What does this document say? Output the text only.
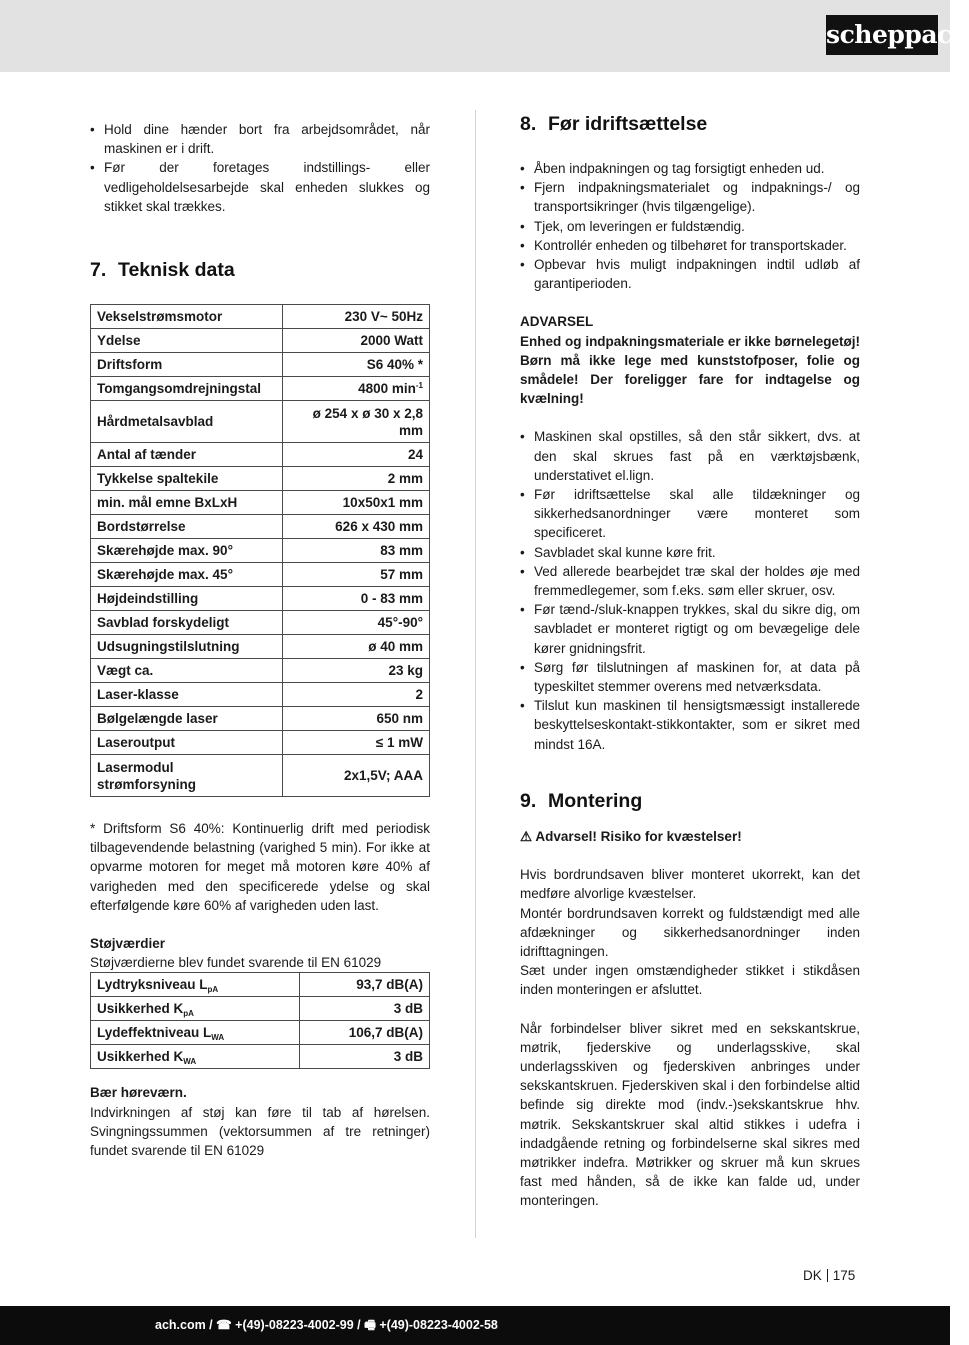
scheppach
• Hold dine hænder bort fra arbejdsområdet, når maskinen er i drift.
• Før der foretages indstillings- eller vedligeholdelsesarbejde skal enheden slukkes og stikket skal trækkes.
7. Teknisk data
Vekselstrømsmotor	230 V~ 50Hz
Ydelse	2000 Watt
Driftsform	S6 40% *
Tomgangsomdrejningstal	4800 $\min^{-1}$
Hårdmetalsavblad	ø 254 x ø 30 x 2,8 mm
Antal af tænder	24
Tykkelse spaltekile	2 mm
min. mål emne BxLxH	10x50x1 mm
Bordstørrelse	626 x 430 mm
Skærehøjde max. 90°	83 mm
Skærehøjde max. 45°	57 mm
Højdeindstilling	0 - 83 mm
Savblad forskydeligt	45°-90°
Udsugningstilslutning	ø 40 mm
Vægt ca.	23 kg
Laser-klasse	2
Bølgelængde laser	650 nm
Laseroutput	≤ 1 mW
Lasermodul strømforsyning	2x1,5V; AAA
* Driftsform S6 40%: Kontinuerlig drift med periodisk tilbagevendende belastning (varighed 5 min). For ikke at opvarme motoren for meget må motoren køre 40% af varigheden med den specificerede ydelse og skal efterfølgende køre 60% af varigheden uden last.
Støjværdier
Støjværdierne blev fundet svarende til EN 61029
Lydtryksniveau $L_{pA}$	93,7 dB(A)
Usikkerhed $K_{pA}$	3 dB
Lydeffektniveau $L_{WA}$	106,7 dB(A)
Usikkerhed $K_{WA}$	3 dB
Bær høreværn.
Indvirkningen af støj kan føre til tab af hørelsen. Svingningssummen (vektorsummen af tre retninger) fundet svarende til EN 61029
8. Før idriftsættelse
• Åben indpakningen og tag forsigtigt enheden ud.
• Fjern indpakningsmaterialet og indpaknings-/ og transportsikringer (hvis tilgængelige).
• Tjek, om leveringen er fuldstændig.
• Kontrollér enheden og tilbehøret for transportskader.
• Opbevar hvis muligt indpakningen indtil udløb af garantiperioden.
ADVARSEL
Enhed og indpakningsmateriale er ikke børnelegetøj! Børn må ikke lege med kunststofposer, folie og smådele! Der foreligger fare for indtagelse og kvælning!
• Maskinen skal opstilles, så den står sikkert, dvs. at den skal skrues fast på en værktøjsbænk, understativet el.lign.
• Før idriftsættelse skal alle tildækninger og sikkerhedsanordninger være monteret som specificeret.
• Savbladet skal kunne køre frit.
• Ved allerede bearbejdet træ skal der holdes øje med fremmedlegemer, som f.eks. søm eller skruer, osv.
• Før tænd-/sluk-knappen trykkes, skal du sikre dig, om savbladet er monteret rigtigt og om bevægelige dele kører gnidningsfrit.
• Sørg før tilslutningen af maskinen for, at data på typeskiltet stemmer overens med netværksdata.
• Tilslut kun maskinen til hensigtsmæssigt installerede beskyttelseskontakt-stikkontakter, som er sikret med mindst 16A.
9. Montering
⚠ Advarsel! Risiko for kvæstelser!
Hvis bordrundsaven bliver monteret ukorrekt, kan det medføre alvorlige kvæstelser.
Montér bordrundsaven korrekt og fuldstændigt med alle afdækninger og sikkerhedsanordninger inden idrifttagningen.
Sæt under ingen omstændigheder stikket i stikdåsen inden monteringen er afsluttet.
Når forbindelser bliver sikret med en sekskantskrue, møtrik, fjederskive og underlagsskive, skal underlagsskiven og fjederskiven anbringes under sekskantskruen. Fjederskiven skal i den forbindelse altid befinde sig direkte mod (indv.-)sekskantskrue hhv. møtrik. Sekskantskruer skal altid stikkes i udefra i indadgående retning og forbindelserne skal sikres med møtrikker indefra. Møtrikker og skruer må kun skrues fast med hånden, så de ikke kan falde ud, under monteringen.
DK 175
ach.com / ☎ +(49)-08223-4002-99 / 🖷 +(49)-08223-4002-58
